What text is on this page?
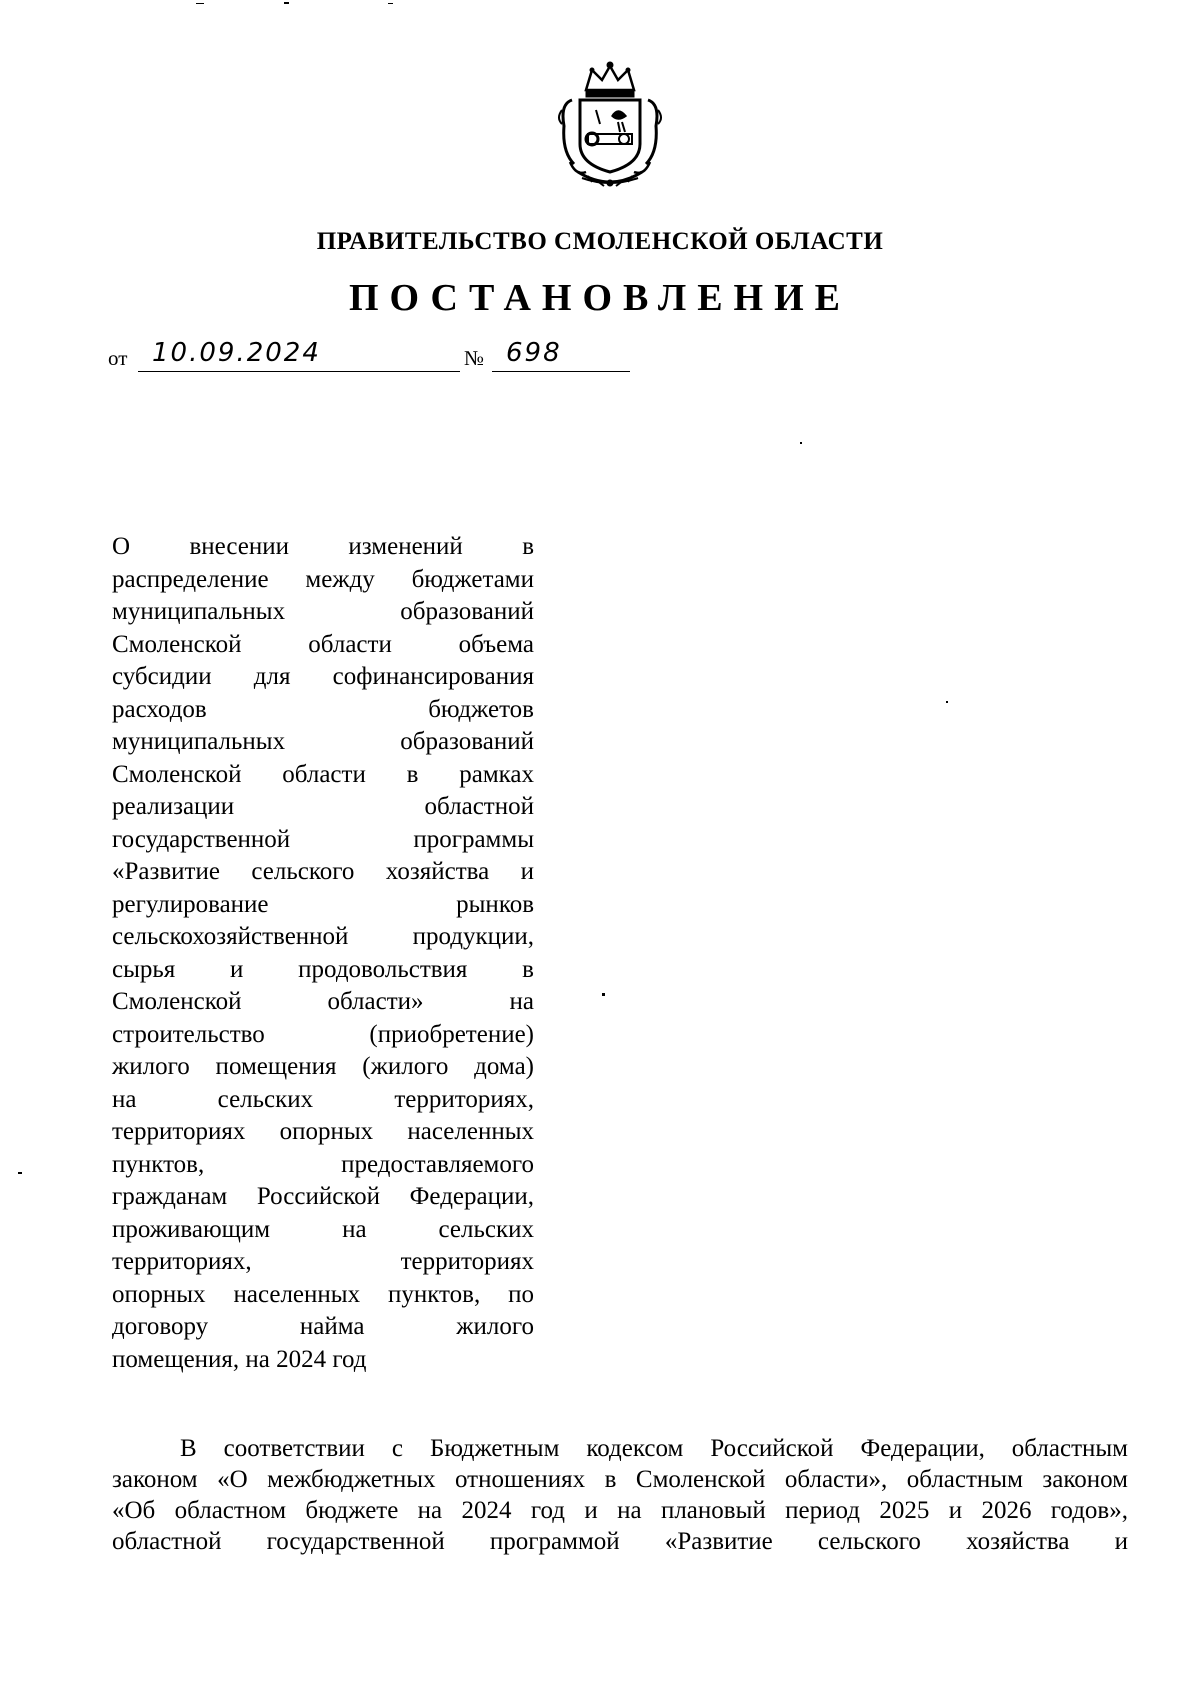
ПРАВИТЕЛЬСТВО СМОЛЕНСКОЙ ОБЛАСТИ
ПОСТАНОВЛЕНИЕ
от 10.09.2024	№ 698

О внесении изменений в
распределение между бюджетами
муниципальных образований
Смоленской области объема
субсидии для софинансирования
расходов бюджетов
муниципальных образований
Смоленской области в рамках
реализации областной
государственной программы
«Развитие сельского хозяйства и
регулирование рынков
сельскохозяйственной продукции,
сырья и продовольствия в
Смоленской области» на
строительство (приобретение)
жилого помещения (жилого дома)
на сельских территориях,
территориях опорных населенных
пунктов, предоставляемого
гражданам Российской Федерации,
проживающим на сельских
территориях, территориях
опорных населенных пунктов, по
договору найма жилого
помещения, на 2024 год

В соответствии с Бюджетным кодексом Российской Федерации, областным
законом «О межбюджетных отношениях в Смоленской области», областным законом
«Об областном бюджете на 2024 год и на плановый период 2025 и 2026 годов»,
областной государственной программой «Развитие сельского хозяйства и
